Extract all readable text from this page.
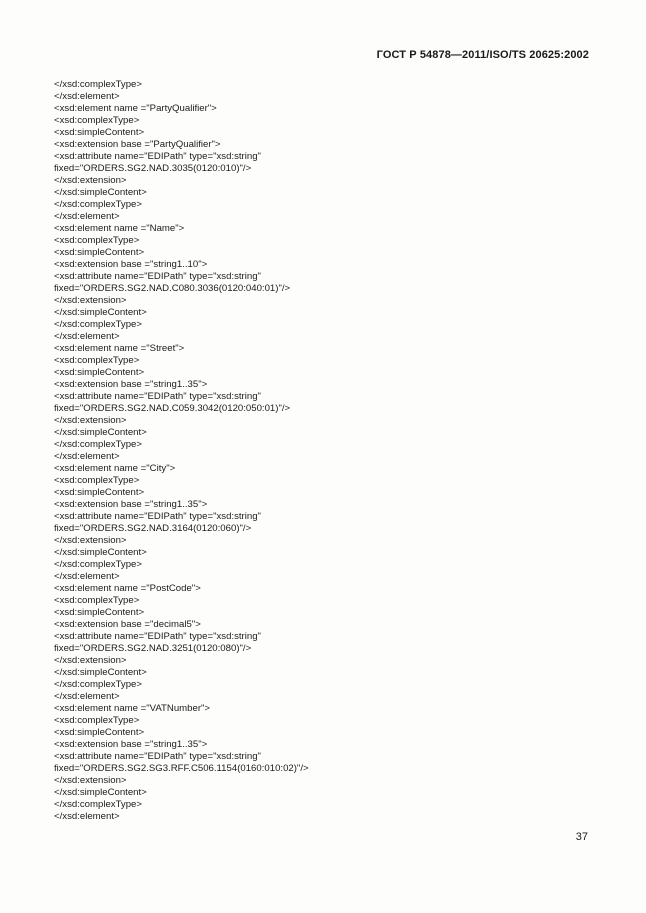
ГОСТ Р 54878—2011/ISO/TS 20625:2002
</xsd:complexType>
</xsd:element>
<xsd:element name ="PartyQualifier">
<xsd:complexType>
<xsd:simpleContent>
<xsd:extension base ="PartyQualifier">
<xsd:attribute name="EDIPath" type="xsd:string"
fixed="ORDERS.SG2.NAD.3035(0120:010)"/>
</xsd:extension>
</xsd:simpleContent>
</xsd:complexType>
</xsd:element>
<xsd:element name ="Name">
<xsd:complexType>
<xsd:simpleContent>
<xsd:extension base ="string1..10">
<xsd:attribute name="EDIPath" type="xsd:string"
fixed="ORDERS.SG2.NAD.C080.3036(0120:040:01)"/>
</xsd:extension>
</xsd:simpleContent>
</xsd:complexType>
</xsd:element>
<xsd:element name ="Street">
<xsd:complexType>
<xsd:simpleContent>
<xsd:extension base ="string1..35">
<xsd:attribute name="EDIPath" type="xsd:string"
fixed="ORDERS.SG2.NAD.C059.3042(0120:050:01)"/>
</xsd:extension>
</xsd:simpleContent>
</xsd:complexType>
</xsd:element>
<xsd:element name ="City">
<xsd:complexType>
<xsd:simpleContent>
<xsd:extension base ="string1..35">
<xsd:attribute name="EDIPath" type="xsd:string"
fixed="ORDERS.SG2.NAD.3164(0120:060)"/>
</xsd:extension>
</xsd:simpleContent>
</xsd:complexType>
</xsd:element>
<xsd:element name ="PostCode">
<xsd:complexType>
<xsd:simpleContent>
<xsd:extension base ="decimal5">
<xsd:attribute name="EDIPath" type="xsd:string"
fixed="ORDERS.SG2.NAD.3251(0120:080)"/>
</xsd:extension>
</xsd:simpleContent>
</xsd:complexType>
</xsd:element>
<xsd:element name ="VATNumber">
<xsd:complexType>
<xsd:simpleContent>
<xsd:extension base ="string1..35">
<xsd:attribute name="EDIPath" type="xsd:string"
fixed="ORDERS.SG2.SG3.RFF.C506.1154(0160:010:02)"/>
</xsd:extension>
</xsd:simpleContent>
</xsd:complexType>
</xsd:element>
37
